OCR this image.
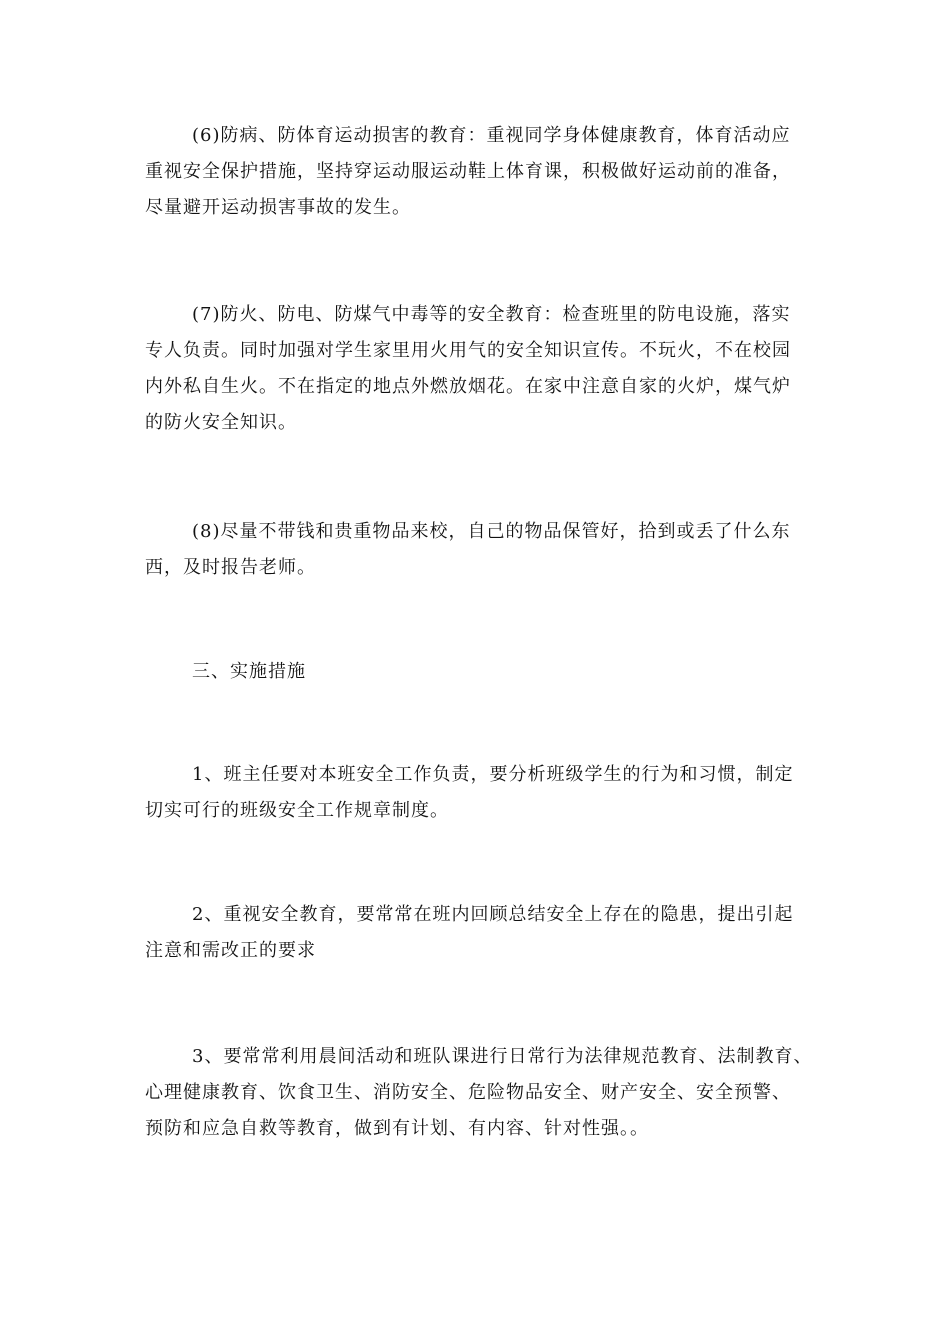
(6)防病、防体育运动损害的教育：重视同学身体健康教育，体育活动应
重视安全保护措施，坚持穿运动服运动鞋上体育课，积极做好运动前的准备，
尽量避开运动损害事故的发生。
(7)防火、防电、防煤气中毒等的安全教育：检查班里的防电设施，落实
专人负责。同时加强对学生家里用火用气的安全知识宣传。不玩火，不在校园
内外私自生火。不在指定的地点外燃放烟花。在家中注意自家的火炉，煤气炉
的防火安全知识。
(8)尽量不带钱和贵重物品来校，自己的物品保管好，拾到或丢了什么东
西，及时报告老师。
三、实施措施
1、班主任要对本班安全工作负责，要分析班级学生的行为和习惯，制定
切实可行的班级安全工作规章制度。
2、重视安全教育，要常常在班内回顾总结安全上存在的隐患，提出引起
注意和需改正的要求
3、要常常利用晨间活动和班队课进行日常行为法律规范教育、法制教育、
心理健康教育、饮食卫生、消防安全、危险物品安全、财产安全、安全预警、
预防和应急自救等教育，做到有计划、有内容、针对性强。。
